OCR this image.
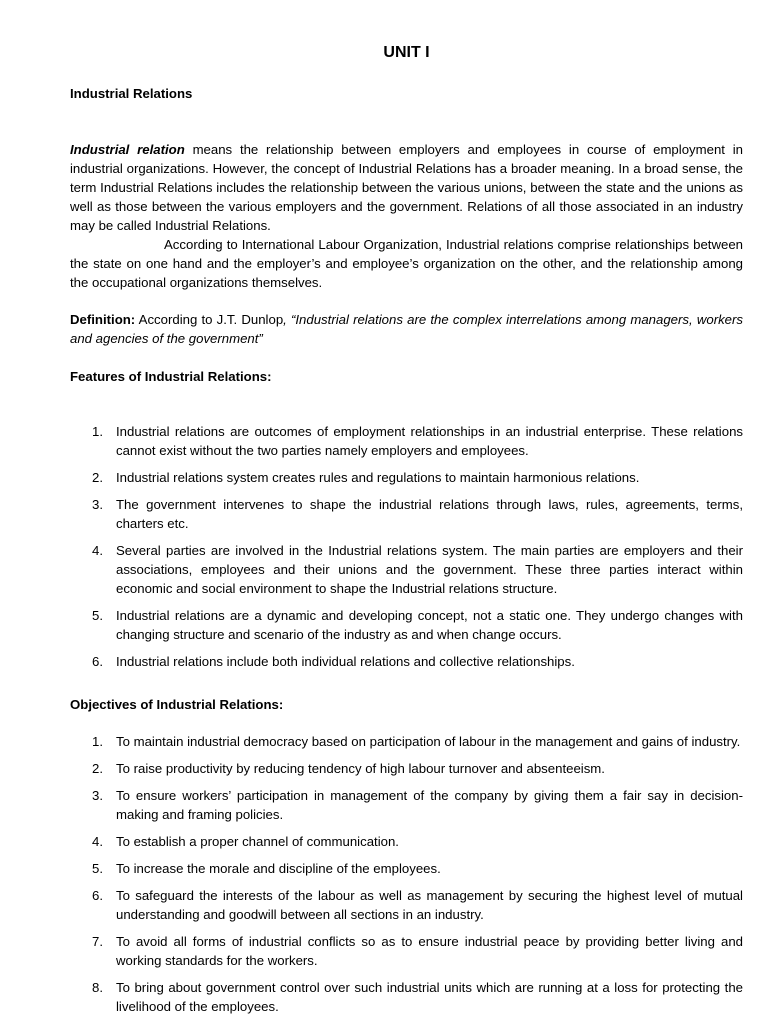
UNIT I
Industrial Relations

Industrial relation means the relationship between employers and employees in course of employment in industrial organizations. However, the concept of Industrial Relations has a broader meaning. In a broad sense, the term Industrial Relations includes the relationship between the various unions, between the state and the unions as well as those between the various employers and the government. Relations of all those associated in an industry may be called Industrial Relations.

According to International Labour Organization, Industrial relations comprise relationships between the state on one hand and the employer’s and employee’s organization on the other, and the relationship among the occupational organizations themselves.

Definition: According to J.T. Dunlop, “Industrial relations are the complex interrelations among managers, workers and agencies of the government”

Features of Industrial Relations:
1. Industrial relations are outcomes of employment relationships in an industrial enterprise. These relations cannot exist without the two parties namely employers and employees.
2. Industrial relations system creates rules and regulations to maintain harmonious relations.
3. The government intervenes to shape the industrial relations through laws, rules, agreements, terms, charters etc.
4. Several parties are involved in the Industrial relations system. The main parties are employers and their associations, employees and their unions and the government. These three parties interact within economic and social environment to shape the Industrial relations structure.
5. Industrial relations are a dynamic and developing concept, not a static one. They undergo changes with changing structure and scenario of the industry as and when change occurs.
6. Industrial relations include both individual relations and collective relationships.
Objectives of Industrial Relations:
1. To maintain industrial democracy based on participation of labour in the management and gains of industry.
2. To raise productivity by reducing tendency of high labour turnover and absenteeism.
3. To ensure workers’ participation in management of the company by giving them a fair say in decision-making and framing policies.
4. To establish a proper channel of communication.
5. To increase the morale and discipline of the employees.
6. To safeguard the interests of the labour as well as management by securing the highest level of mutual understanding and goodwill between all sections in an industry.
7. To avoid all forms of industrial conflicts so as to ensure industrial peace by providing better living and working standards for the workers.
8. To bring about government control over such industrial units which are running at a loss for protecting the livelihood of the employees.
